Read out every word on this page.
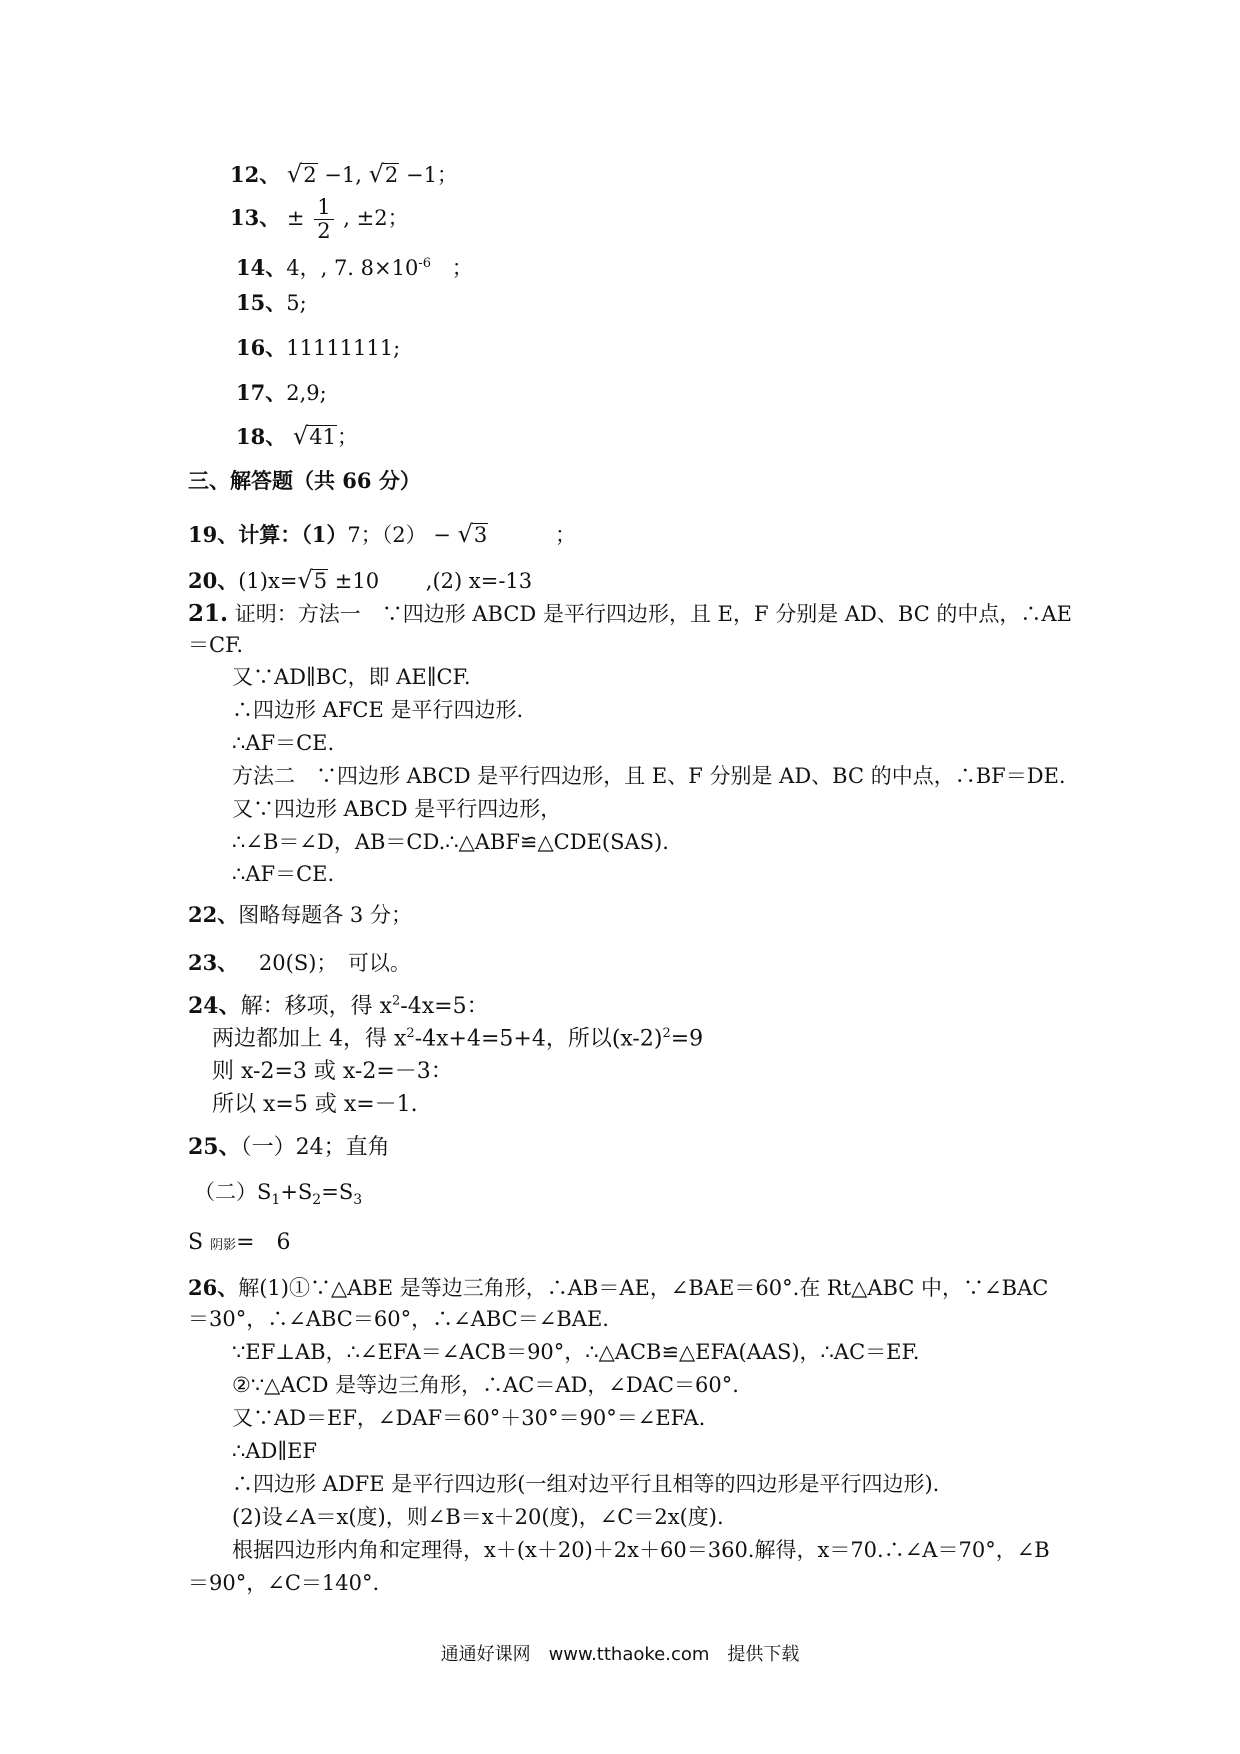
12、 √2 −1, √2 −1；
13、 ± $\frac{1}{2}$ , ±2；
14、4，, 7. $8\times 10^{-6}$ ；
15、5;
16、11111111;
17、2,9;
18、 √41；
三、解答题（共 66 分）
19、计算：（1）7；（2） − √3	；
20、(1)x=√5 ±10 ,(2) x=-13
21. 证明：方法一　∵四边形 ABCD 是平行四边形，且 E，F 分别是 AD、BC 的中点，∴AE
＝CF.
又∵AD∥BC，即 AE∥CF.
∴四边形 AFCE 是平行四边形.
∴AF＝CE.
方法二　∵四边形 ABCD 是平行四边形，且 E、F 分别是 AD、BC 的中点，∴BF＝DE.
又∵四边形 ABCD 是平行四边形，
∴∠B＝∠D，AB＝CD.∴△ABF≌△CDE(SAS).
∴AF＝CE.
22、图略每题各 3 分；
23、 20(S)；　可以。
24、解：移项，得 $x^2-4x=5$：
两边都加上 4，得 $x^2-4x+4=5+4$，所以$(x-2)^2=9$
则 x-2=3 或 x-2=－3：
所以 x=5 或 x=－1.
25、（一）24；直角
（二）$S_1+S_2=S_3$
S 阴影=　6
26、解(1)①∵△ABE 是等边三角形，∴AB＝AE，∠BAE＝60°.在 Rt△ABC 中，∵∠BAC
＝30°，∴∠ABC＝60°，∴∠ABC＝∠BAE.
∵EF⊥AB，∴∠EFA＝∠ACB＝90°，∴△ACB≌△EFA(AAS)，∴AC＝EF.
②∵△ACD 是等边三角形，∴AC＝AD，∠DAC＝60°.
又∵AD＝EF，∠DAF＝60°＋30°＝90°＝∠EFA.
∴AD∥EF
∴四边形 ADFE 是平行四边形(一组对边平行且相等的四边形是平行四边形).
(2)设∠A＝x(度)，则∠B＝x＋20(度)，∠C＝2x(度).
根据四边形内角和定理得，x＋(x＋20)＋2x＋60＝360.解得，x＝70.∴∠A＝70°，∠B
＝90°，∠C＝140°.
通通好课网　www.tthaoke.com　提供下载
